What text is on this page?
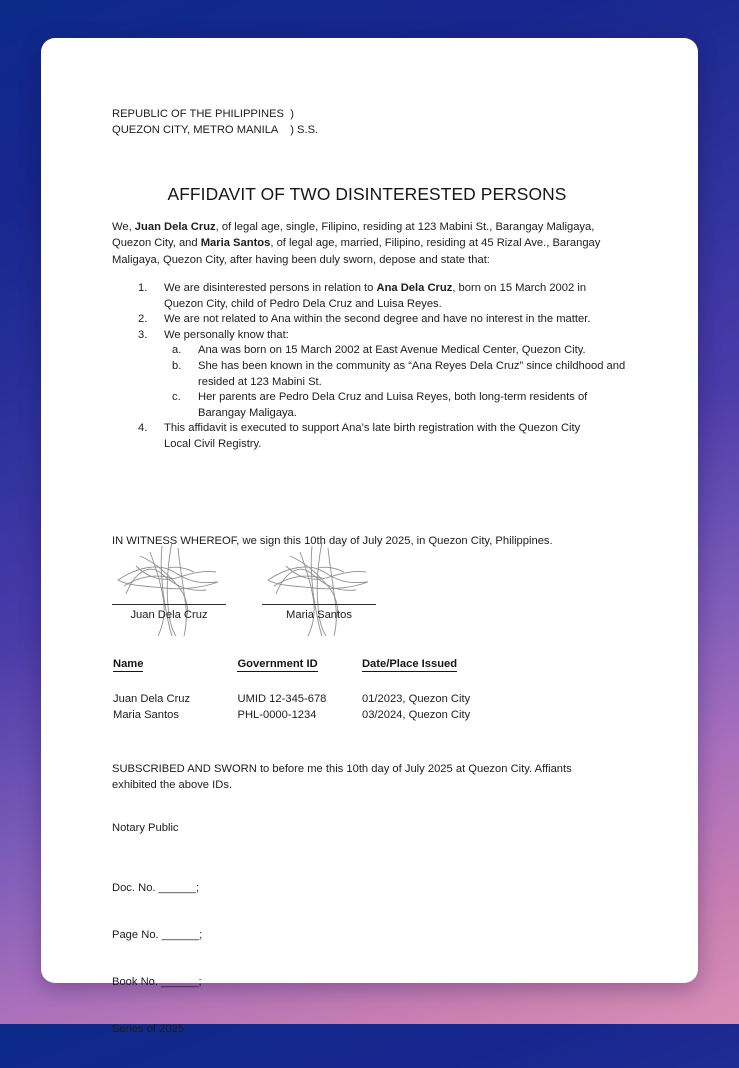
REPUBLIC OF THE PHILIPPINES  )
QUEZON CITY, METRO MANILA    ) S.S.
AFFIDAVIT OF TWO DISINTERESTED PERSONS
We, Juan Dela Cruz, of legal age, single, Filipino, residing at 123 Mabini St., Barangay Maligaya, Quezon City, and Maria Santos, of legal age, married, Filipino, residing at 45 Rizal Ave., Barangay Maligaya, Quezon City, after having been duly sworn, depose and state that:
1.	We are disinterested persons in relation to Ana Dela Cruz, born on 15 March 2002 in Quezon City, child of Pedro Dela Cruz and Luisa Reyes.
2.	We are not related to Ana within the second degree and have no interest in the matter.
3.	We personally know that:
a.	Ana was born on 15 March 2002 at East Avenue Medical Center, Quezon City.
b.	She has been known in the community as “Ana Reyes Dela Cruz” since childhood and resided at 123 Mabini St.
c.	Her parents are Pedro Dela Cruz and Luisa Reyes, both long-term residents of Barangay Maligaya.
4.	This affidavit is executed to support Ana’s late birth registration with the Quezon City Local Civil Registry.
IN WITNESS WHEREOF, we sign this 10th day of July 2025, in Quezon City, Philippines.
Juan Dela Cruz	Maria Santos
Name	Government ID	Date/Place Issued
Juan Dela Cruz	UMID 12-345-678	01/2023, Quezon City
Maria Santos	PHL-0000-1234	03/2024, Quezon City
SUBSCRIBED AND SWORN to before me this 10th day of July 2025 at Quezon City. Affiants exhibited the above IDs.
Notary Public

Doc. No. ______;

Page No. ______;

Book No. ______;

Series of 2025
